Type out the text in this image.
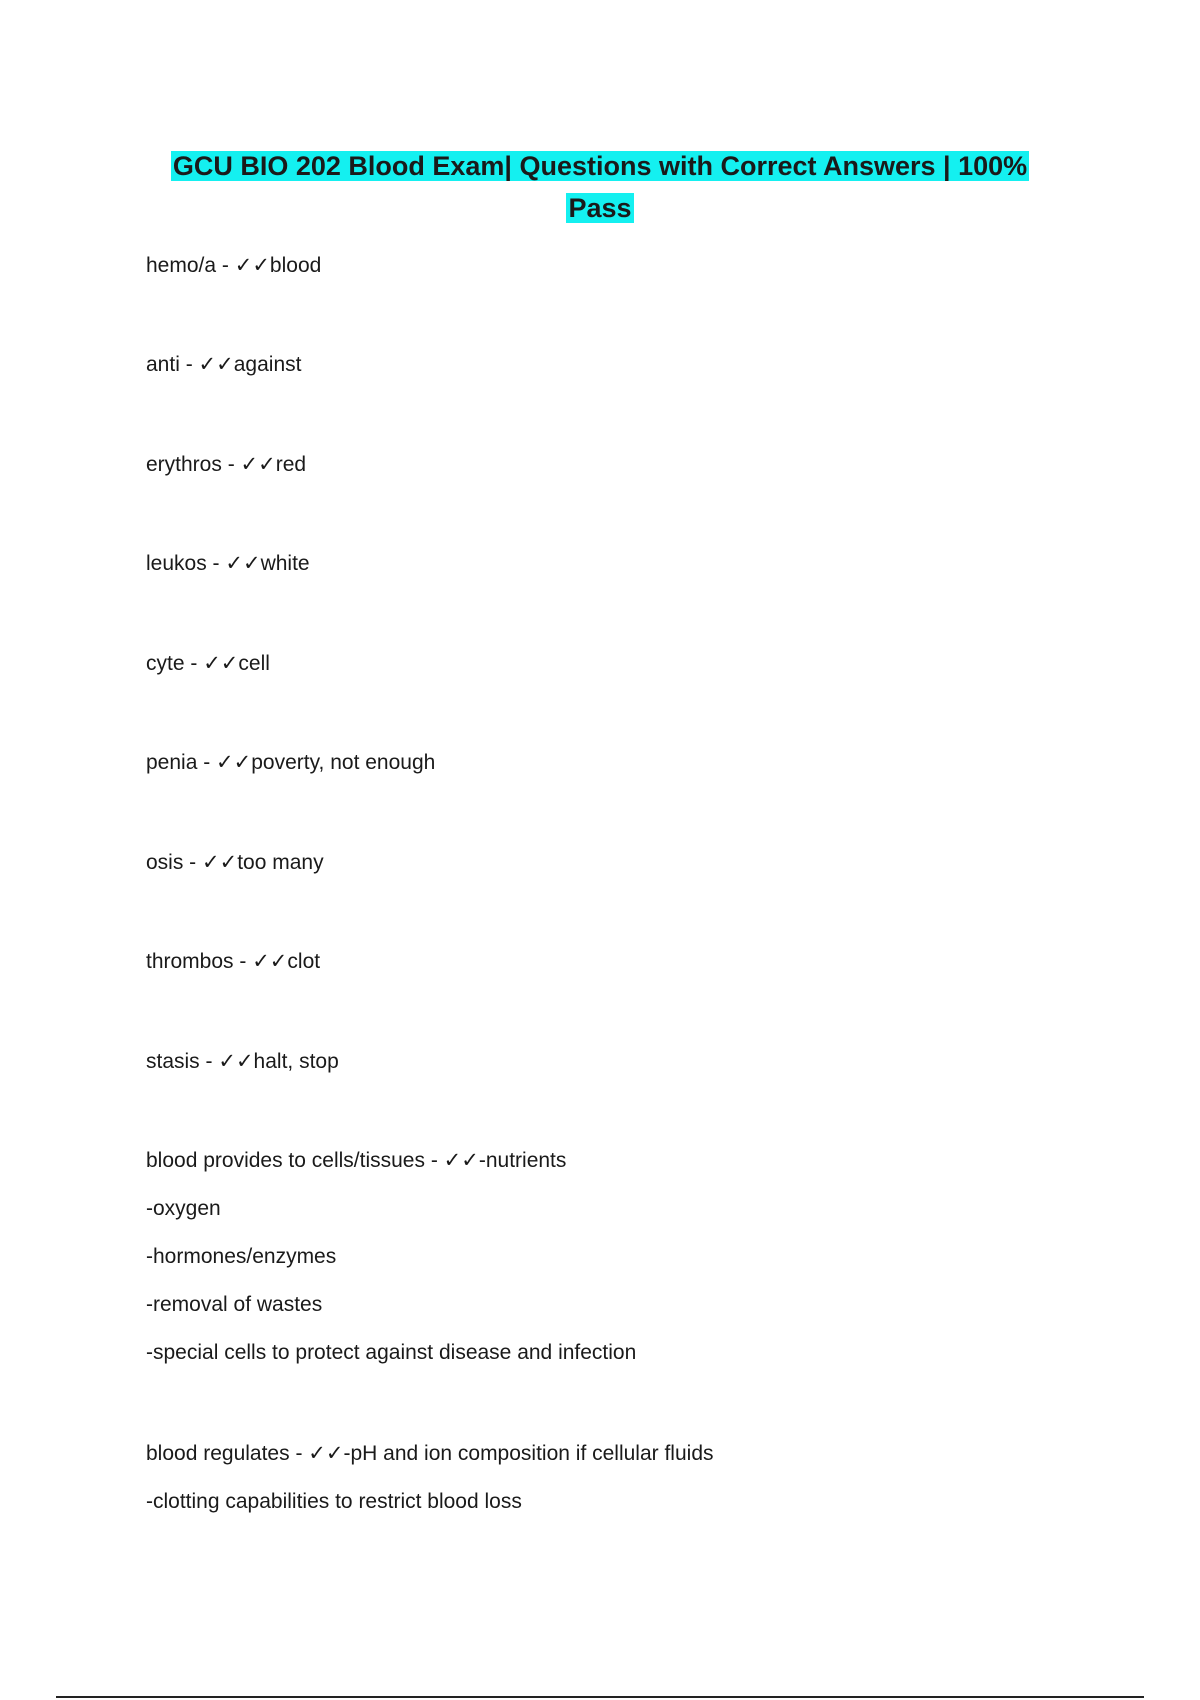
GCU BIO 202 Blood Exam| Questions with Correct Answers | 100%
Pass
hemo/a - ✓✓blood
anti - ✓✓against
erythros - ✓✓red
leukos - ✓✓white
cyte - ✓✓cell
penia - ✓✓poverty, not enough
osis - ✓✓too many
thrombos - ✓✓clot
stasis - ✓✓halt, stop
blood provides to cells/tissues - ✓✓-nutrients
-oxygen
-hormones/enzymes
-removal of wastes
-special cells to protect against disease and infection
blood regulates - ✓✓-pH and ion composition if cellular fluids
-clotting capabilities to restrict blood loss
